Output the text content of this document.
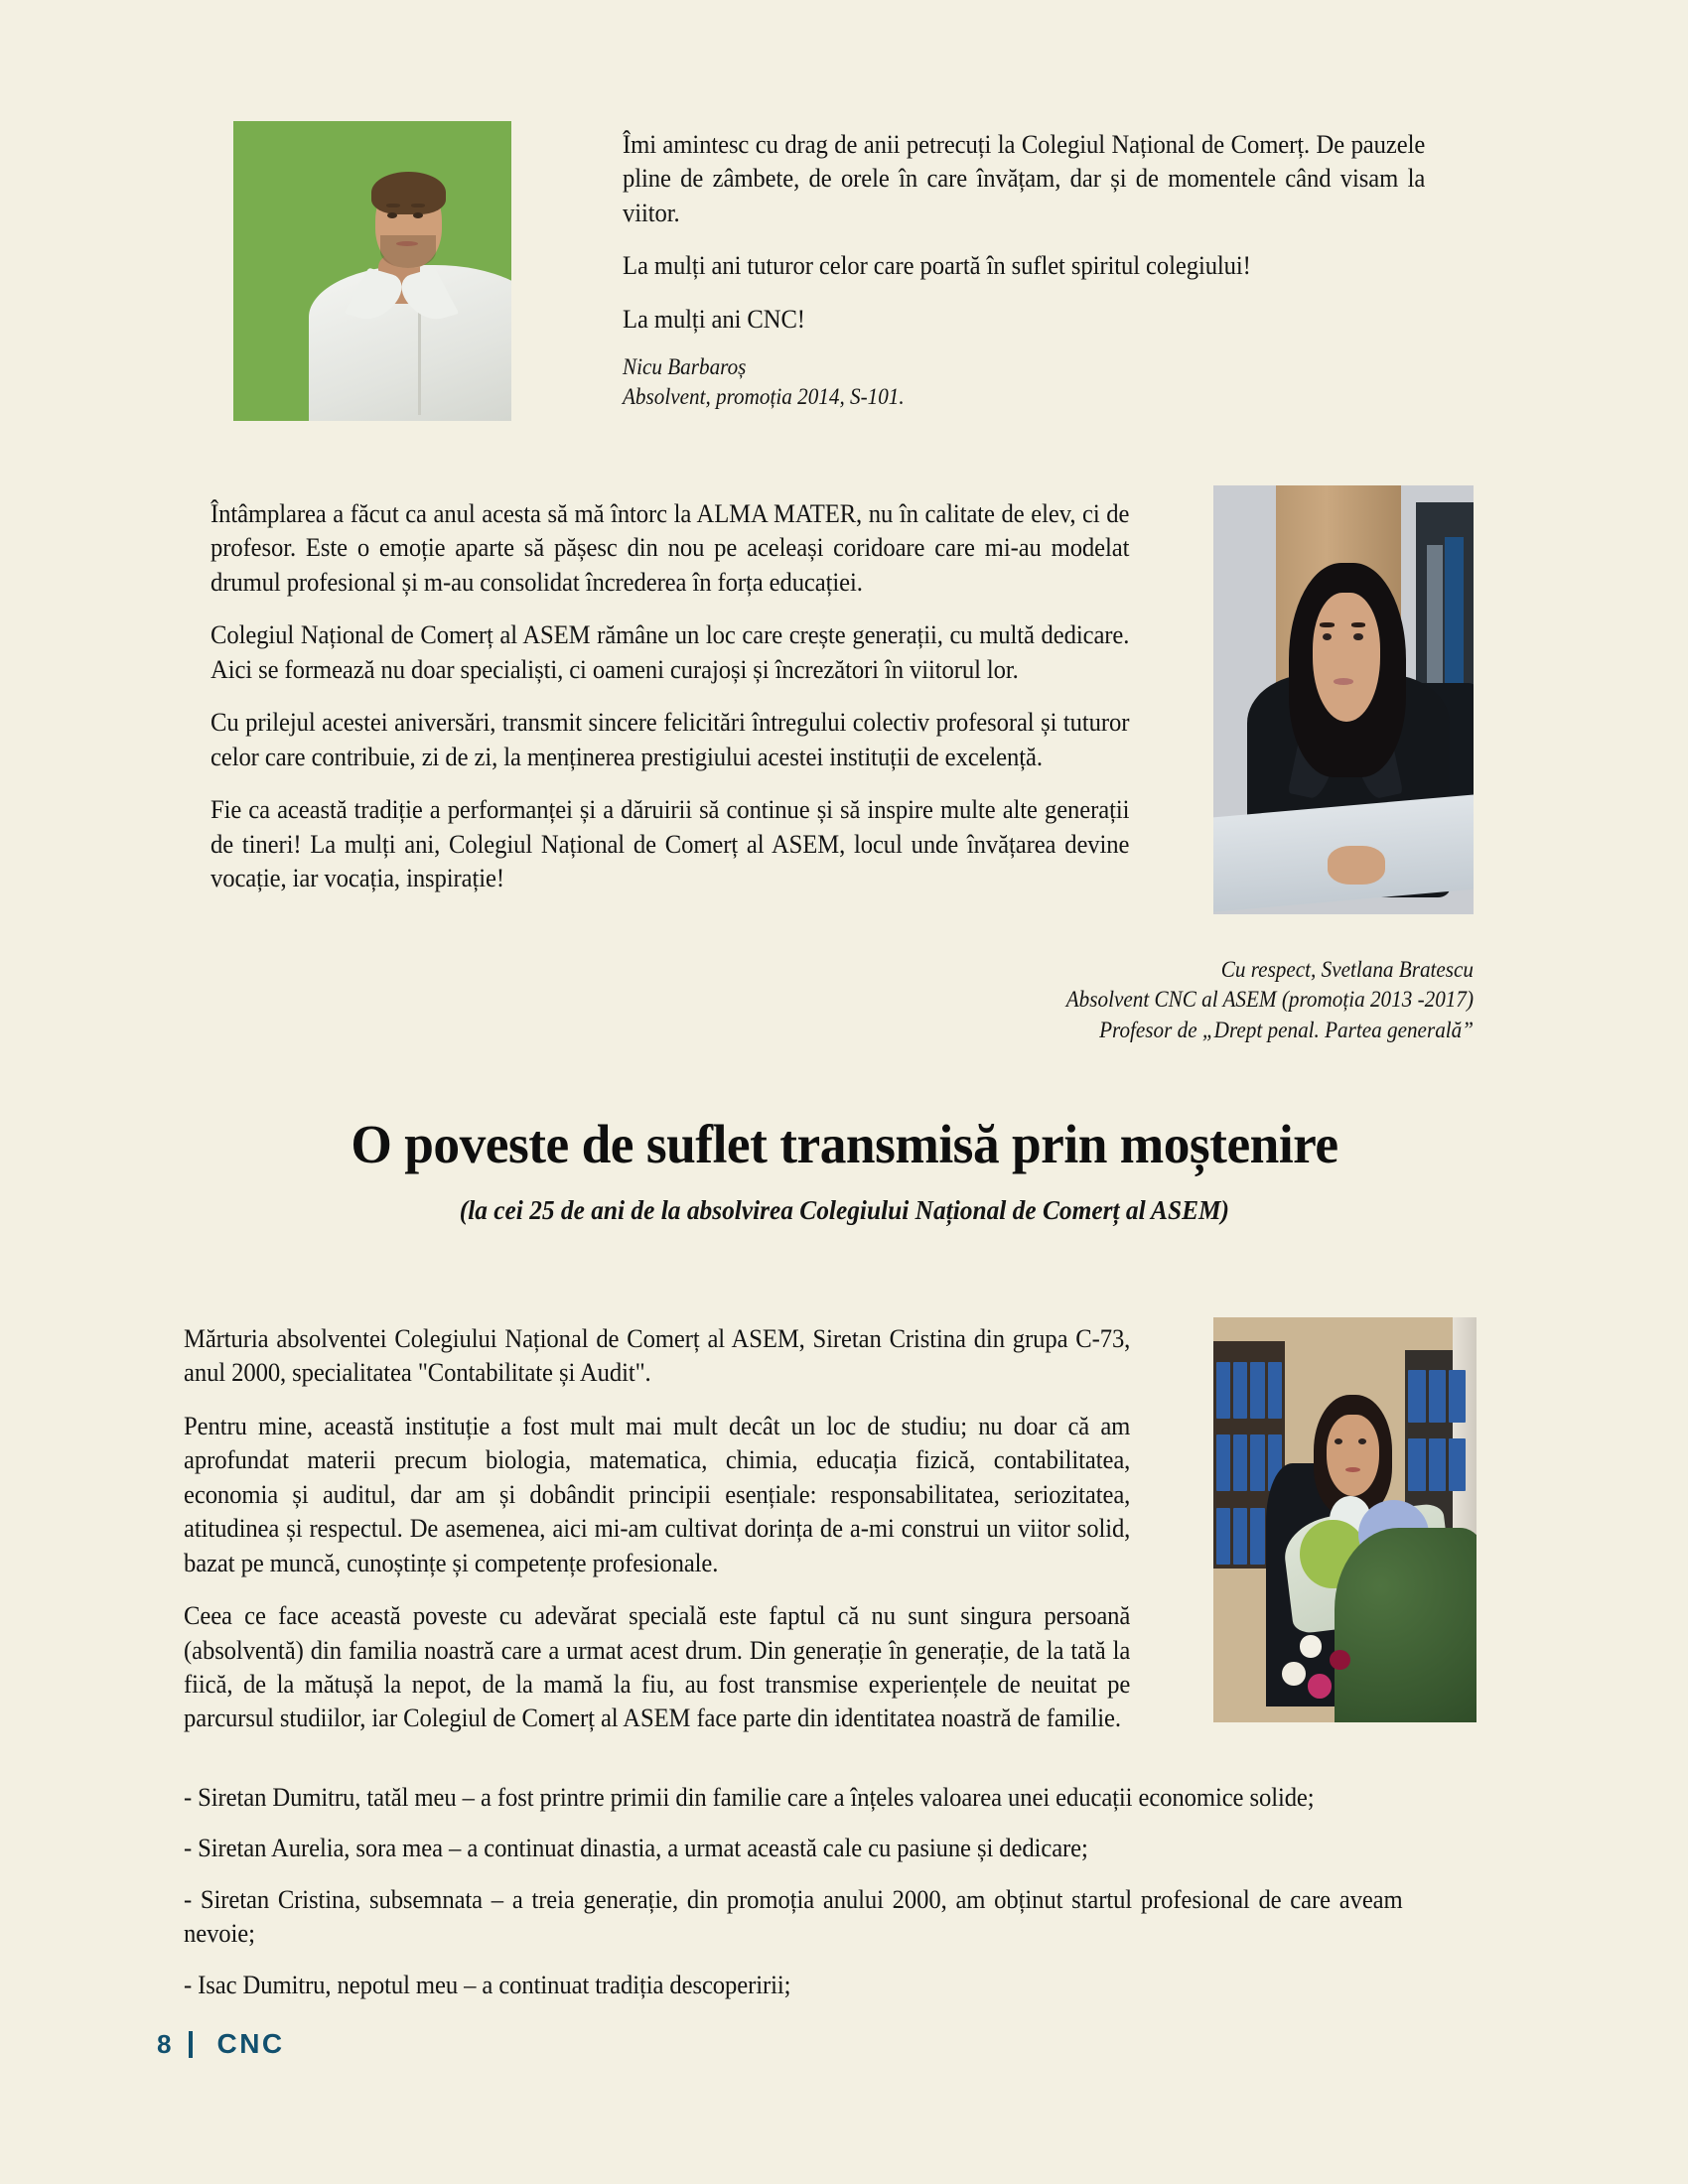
Îmi amintesc cu drag de anii petrecuți la Colegiul Național de Comerț. De pauzele pline de zâmbete, de orele în care învățam, dar și de momentele când visam la viitor.

La mulți ani tuturor celor care poartă în suflet spiritul colegiului!

La mulți ani CNC!

Nicu Barbaroș
Absolvent, promoția 2014, S-101.

Întâmplarea a făcut ca anul acesta să mă întorc la ALMA MATER, nu în calitate de elev, ci de profesor. Este o emoție aparte să pășesc din nou pe aceleași coridoare care mi-au modelat drumul profesional și m-au consolidat încrederea în forța educației.

Colegiul Național de Comerț al ASEM rămâne un loc care crește generații, cu multă dedicare. Aici se formează nu doar specialiști, ci oameni curajoși și încrezători în viitorul lor.

Cu prilejul acestei aniversări, transmit sincere felicitări întregului colectiv profesoral și tuturor celor care contribuie, zi de zi, la menținerea prestigiului acestei instituții de excelență.

Fie ca această tradiție a performanței și a dăruirii să continue și să inspire multe alte generații de tineri! La mulți ani, Colegiul Național de Comerț al ASEM, locul unde învățarea devine vocație, iar vocația, inspirație!

Cu respect, Svetlana Bratescu
Absolvent CNC al ASEM (promoția 2013 -2017)
Profesor de „Drept penal. Partea generală”
O poveste de suflet transmisă prin moștenire
(la cei 25 de ani de la absolvirea Colegiului Național de Comerț al ASEM)

Mărturia absolventei Colegiului Național de Comerț al ASEM, Siretan Cristina din grupa C-73, anul 2000, specialitatea "Contabilitate și Audit".

Pentru mine, această instituție a fost mult mai mult decât un loc de studiu; nu doar că am aprofundat materii precum biologia, matematica, chimia, educația fizică, contabilitatea, economia și auditul, dar am și dobândit principii esențiale: responsabilitatea, seriozitatea, atitudinea și respectul. De asemenea, aici mi-am cultivat dorința de a-mi construi un viitor solid, bazat pe muncă, cunoștințe și competențe profesionale.

Ceea ce face această poveste cu adevărat specială este faptul că nu sunt singura persoană (absolventă) din familia noastră care a urmat acest drum. Din generație în generație, de la tată la fiică, de la mătușă la nepot, de la mamă la fiu, au fost transmise experiențele de neuitat pe parcursul studiilor, iar Colegiul de Comerț al ASEM face parte din identitatea noastră de familie.

- Siretan Dumitru, tatăl meu – a fost printre primii din familie care a înțeles valoarea unei educații economice solide;

- Siretan Aurelia, sora mea – a continuat dinastia, a urmat această cale cu pasiune și dedicare;

- Siretan Cristina, subsemnata – a treia generație, din promoția anului 2000, am obținut startul profesional de care aveam nevoie;

- Isac Dumitru, nepotul meu – a continuat tradiția descoperirii;

8 CNC
